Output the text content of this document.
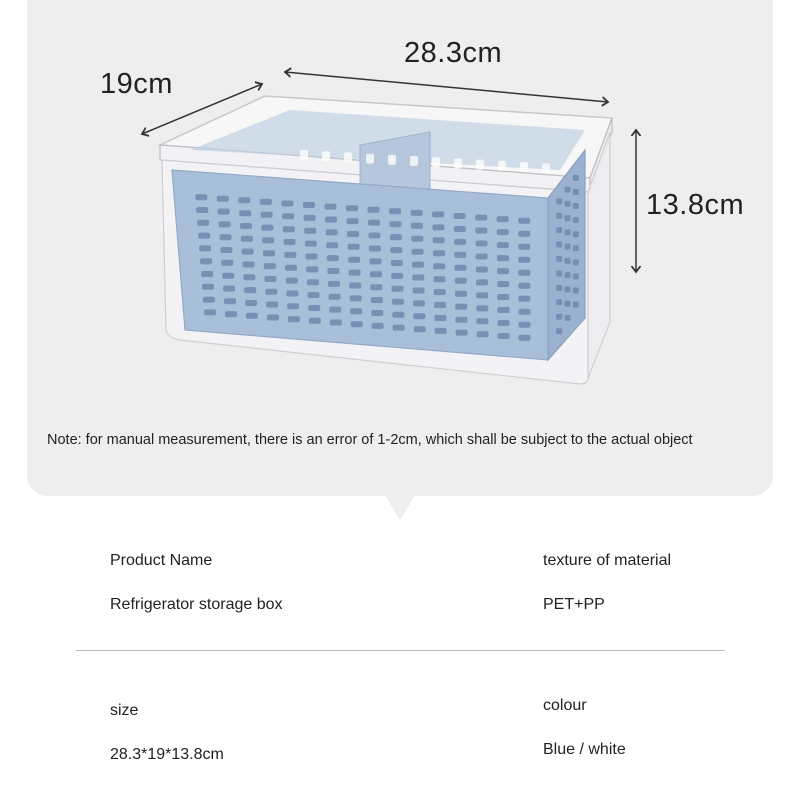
28.3cm
19cm
13.8cm
Note: for manual measurement, there is an error of 1-2cm, which shall be subject to the actual object
Product Name	texture of material
Refrigerator storage box	PET+PP
size	colour
28.3*19*13.8cm	Blue / white
